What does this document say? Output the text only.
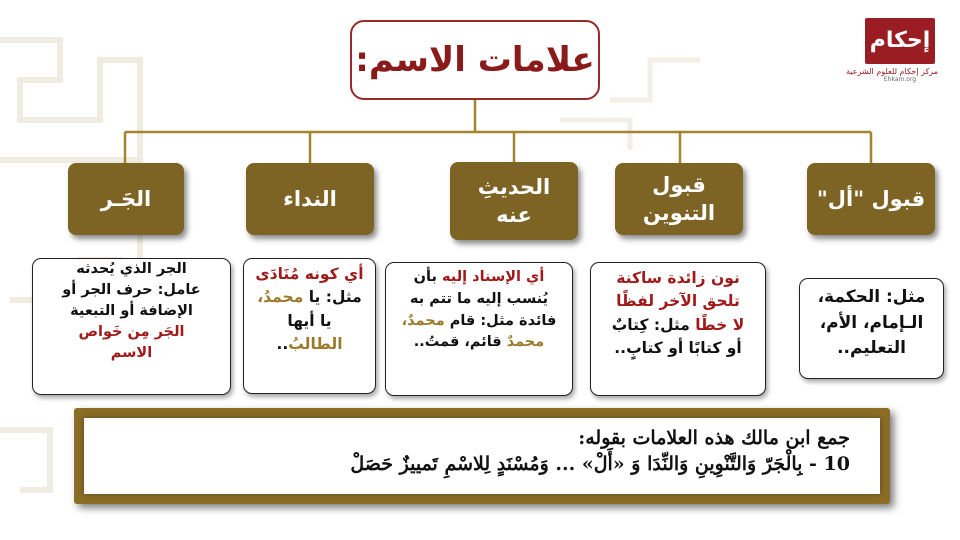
إحكام
مركز إحكام للعلوم الشرعية
Ehkam.org
علامات الاسم:
قبول "أل"
قبول
التنوين
الحديثِ
عنه
النداء
الجَـر
مثل: الحكمة،
الـإمام، الأم،
التعليم..
نون زائدة ساكنة
تلحق الآخر لفظًا
لا خطًا مثل: كِتابٌ
أو كتابًا أو كتابٍ..
أي الإسناد إليه بأن
يُنسب إليه ما تتم به
فائدة مثل: قام محمدٌ،
محمدٌ قائم، قمتُ..
أي كونه مُنَادَى
مثل: يا محمدُ،
يا أيها
الطالبُ..
الجر الذي يُحدثه
عامل: حرف الجر أو
الإضافة أو التبعية
الجَر مِن خَواص
الاسم
جمع ابن مالك هذه العلامات بقوله:
10 - بِالْجَرّ وَالتَّنْوِينِ وَالنِّدَا وَ «أَلْ» ... وَمُسْنَدٍ لِلاسْمِ تَمييزٌ حَصَلْ
